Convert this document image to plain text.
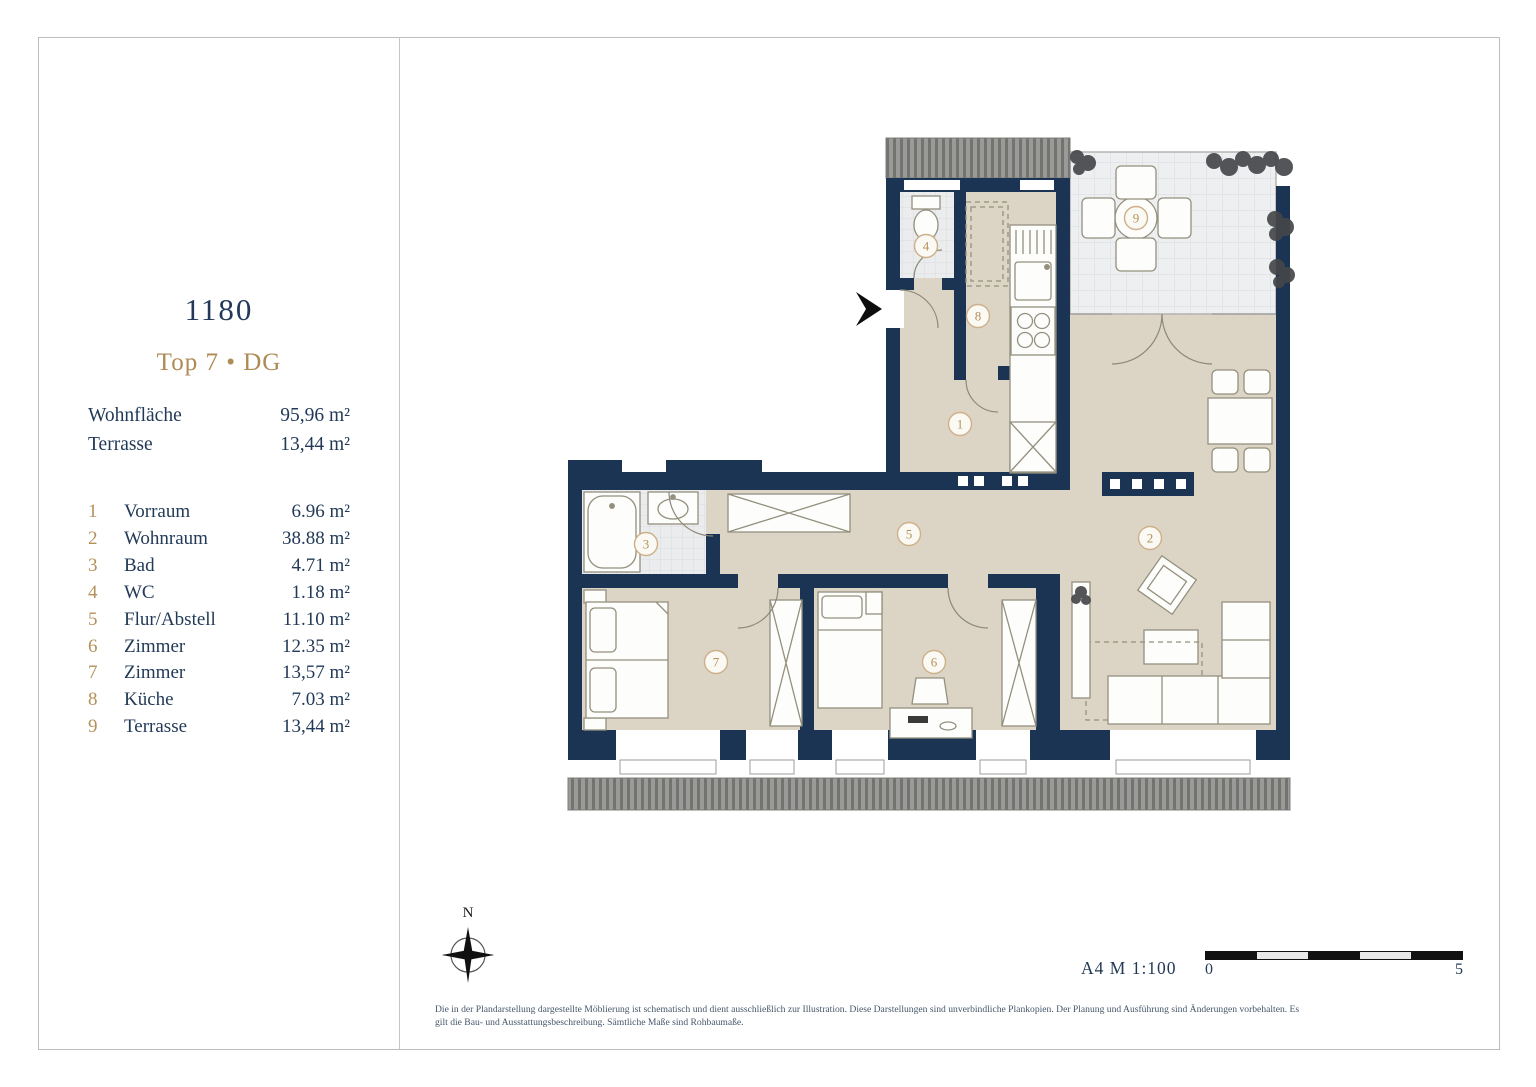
1180
Top 7 • DG
Wohnfläche	95,96 m²
Terrasse	13,44 m²
1	Vorraum	6.96 m²
2	Wohnraum	38.88 m²
3	Bad	4.71 m²
4	WC	1.18 m²
5	Flur/Abstell	11.10 m²
6	Zimmer	12.35 m²
7	Zimmer	13,57 m²
8	Küche	7.03 m²
9	Terrasse	13,44 m²
1
2
3
4
5
6
7
8
9
N
A4 M 1:100 0	5
Die in der Plandarstellung dargestellte Möblierung ist schematisch und dient ausschließlich zur Illustration. Diese Darstellungen sind unverbindliche Plankopien. Der Planung und Ausführung sind Änderungen vorbehalten. Es
gilt die Bau- und Ausstattungsbeschreibung. Sämtliche Maße sind Rohbaumaße.
